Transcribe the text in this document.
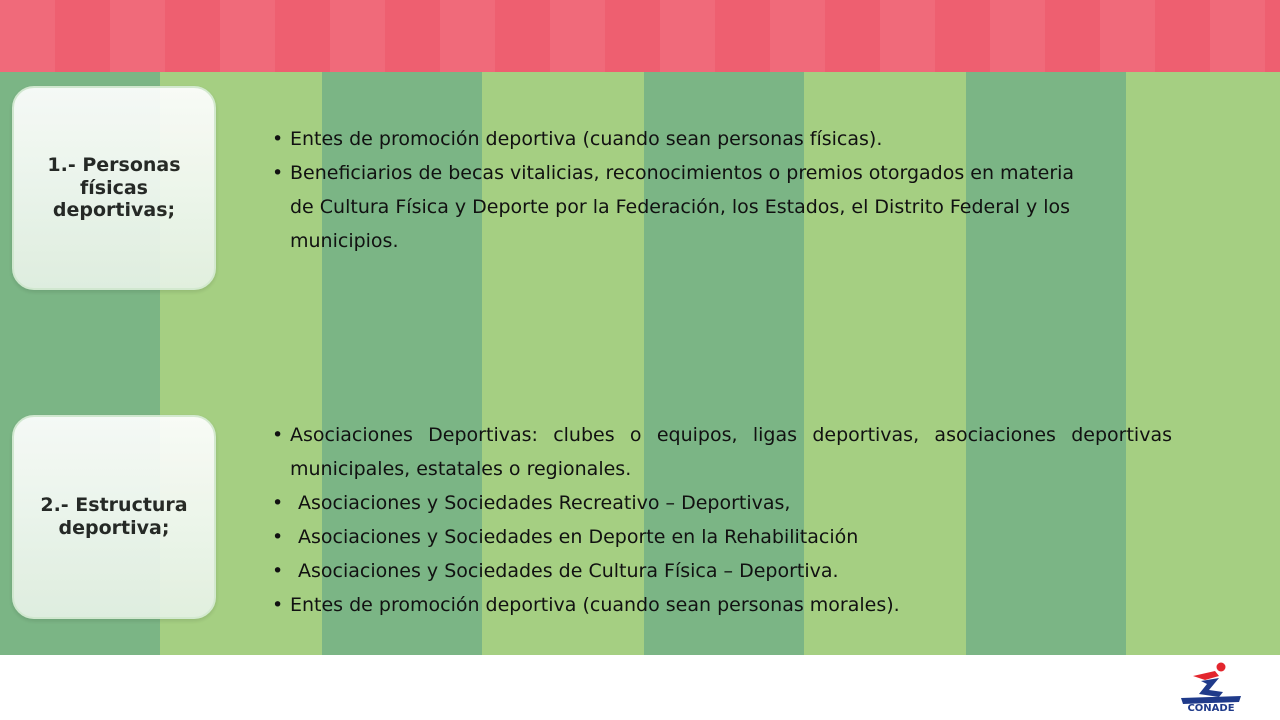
1.- Personas físicas deportivas;
• Entes de promoción deportiva (cuando sean personas físicas).
• Beneficiarios de becas vitalicias, reconocimientos o premios otorgados en materia de Cultura Física y Deporte por la Federación, los Estados, el Distrito Federal y los municipios.
2.- Estructura deportiva;
• Asociaciones Deportivas: clubes o equipos, ligas deportivas, asociaciones deportivas municipales, estatales o regionales.
• Asociaciones y Sociedades Recreativo – Deportivas,
• Asociaciones y Sociedades en Deporte en la Rehabilitación
• Asociaciones y Sociedades de Cultura Física – Deportiva.
• Entes de promoción deportiva (cuando sean personas morales).
CONADE
